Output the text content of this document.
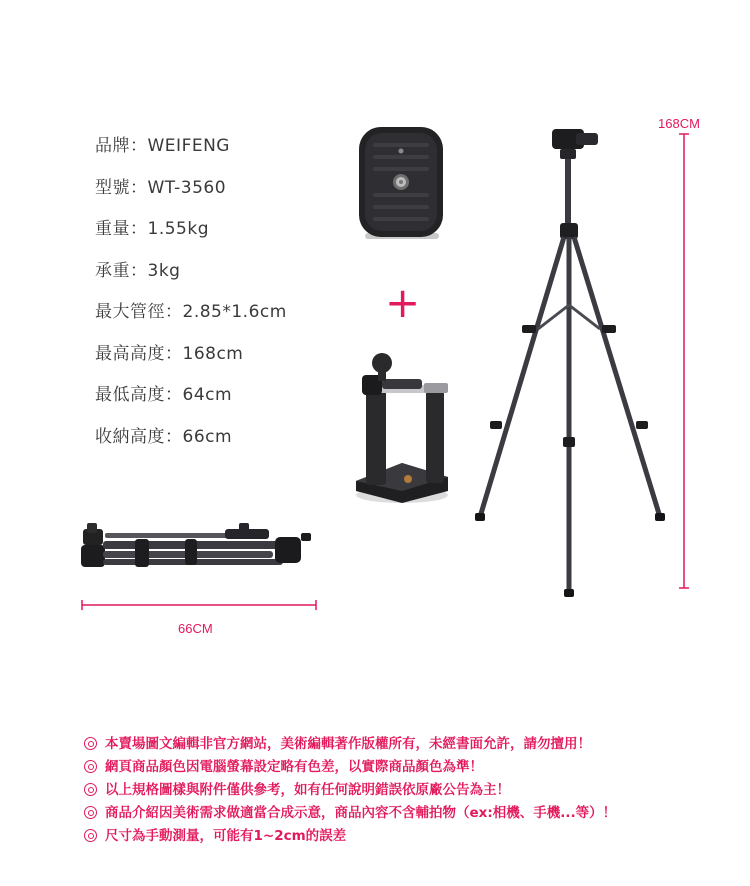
品牌：WEIFENG
型號：WT-3560
重量：1.55kg
承重：3kg
最大管徑：2.85*1.6cm
最高高度：168cm
最低高度：64cm
收納高度：66cm
+
168CM
66CM
本賣場圖文編輯非官方網站，美術編輯著作版權所有，未經書面允許，請勿擅用！
網頁商品顏色因電腦螢幕設定略有色差，以實際商品顏色為準！
以上規格圖樣與附件僅供參考，如有任何說明錯誤依原廠公告為主！
商品介紹因美術需求做適當合成示意，商品內容不含輔拍物（ex:相機、手機...等）！
尺寸為手動測量，可能有1~2cm的誤差
